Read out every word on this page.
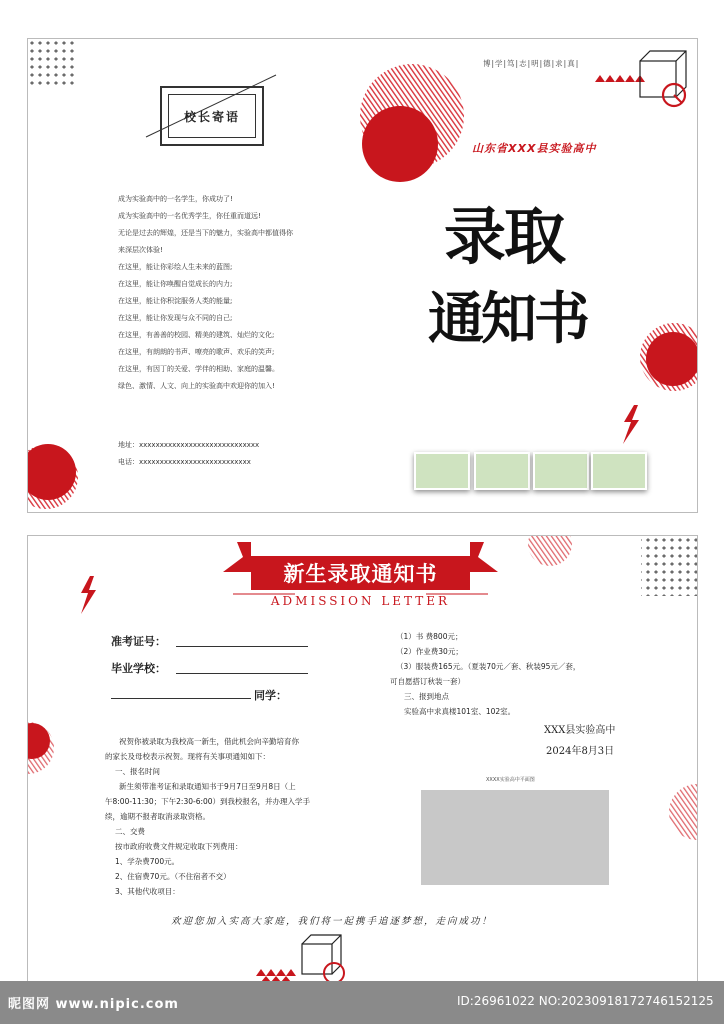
博|学|笃|志|明|德|求|真|
校长寄语
山东省XXX县实验高中
录取
通知书
成为实验高中的一名学生，你成功了!
成为实验高中的一名优秀学生，你任重而道远!
无论是过去的辉煌，还是当下的魅力，实验高中都值得你
来深层次体验!
在这里，能让你彩绘人生未来的蓝图;
在这里，能让你唤醒自觉成长的内力;
在这里，能让你积淀服务人类的能量;
在这里，能让你发现与众不同的自己;
在这里，有善善的校园、精美的建筑、灿烂的文化;
在这里，有朗朗的书声、嘹亮的歌声、欢乐的笑声;
在这里，有因丁的关爱、学伴的相助、家庭的温馨。
绿色、激情、人文、向上的实验高中欢迎你的加入!
地址：xxxxxxxxxxxxxxxxxxxxxxxxxxxxx
电话：xxxxxxxxxxxxxxxxxxxxxxxxxxx
新生录取通知书
ADMISSION LETTER
准考证号：
毕业学校：
同学：
祝贺你被录取为我校高一新生，借此机会向辛勤培育你
的家长及母校表示祝贺。现将有关事项通知如下：
一、报名时间
新生须带准考证和录取通知书于9月7日至9月8日（上
午8:00-11:30；下午2:30-6:00）到我校报名，并办理入学手
续，逾期不报者取消录取资格。
二、交费
按市政府收费文件规定收取下列费用：
1、学杂费700元。
2、住宿费70元。（不住宿者不交）
3、其他代收项目：
（1）书 费800元；
（2）作业费30元；
（3）服装费165元。（夏装70元／套、秋装95元／套，
可自愿搭订秋装一套）
三、报到地点
实验高中求真楼101室、102室。
XXX县实验高中
2024年8月3日
XXXX实验高中平面图
欢迎您加入实高大家庭，我们将一起携手追逐梦想，走向成功！
昵图网 www.nipic.com	ID:26961022 NO:20230918172746152125
